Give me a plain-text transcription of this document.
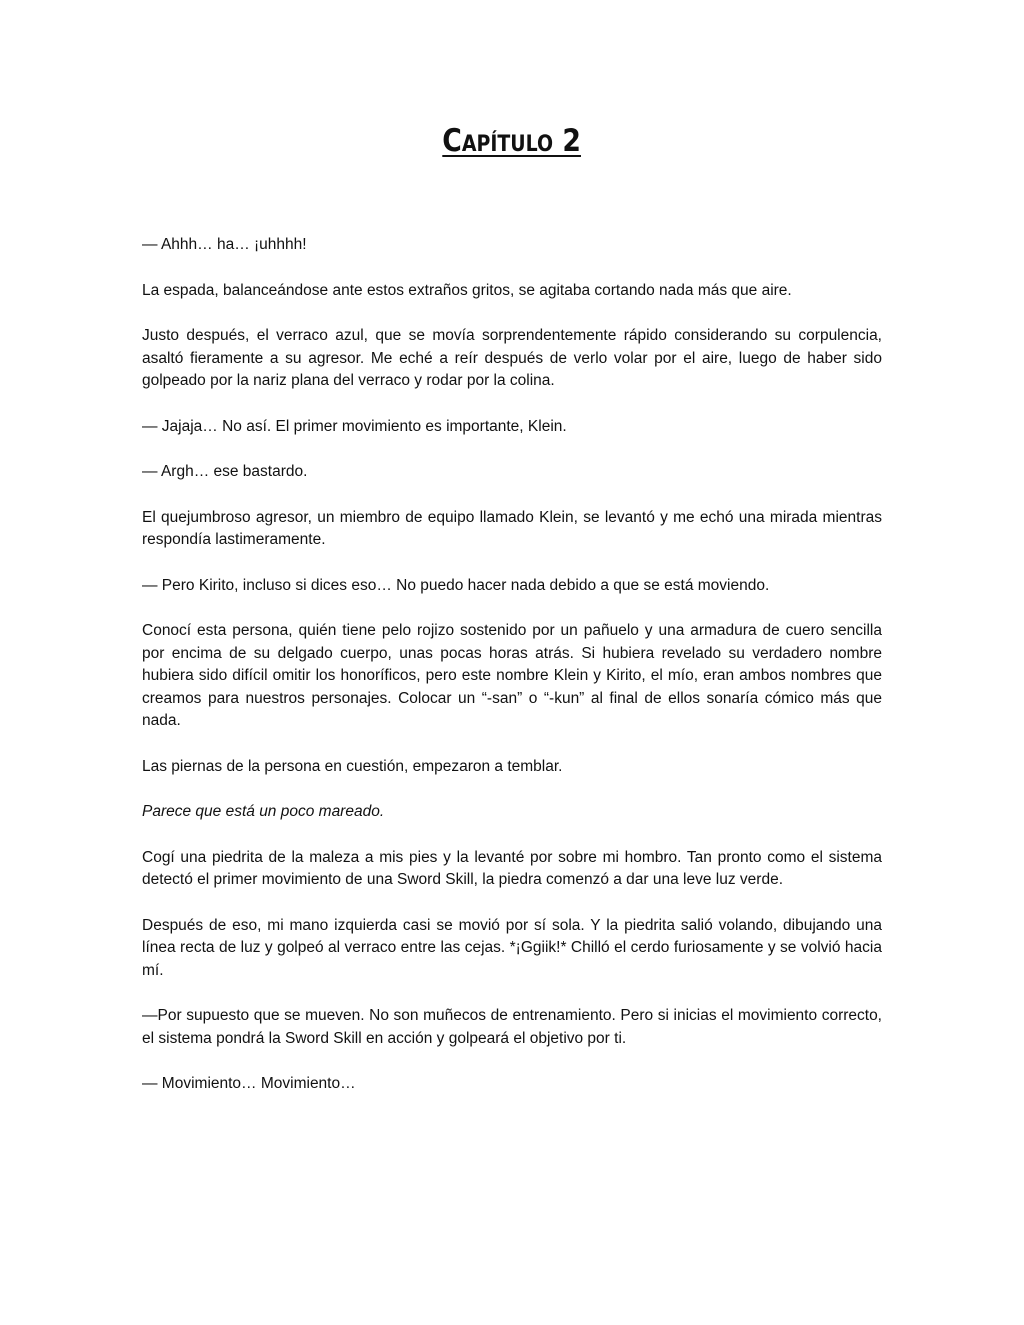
Capítulo 2

— Ahhh… ha… ¡uhhhh!

La espada, balanceándose ante estos extraños gritos, se agitaba cortando nada más que aire.

Justo después, el verraco azul, que se movía sorprendentemente rápido considerando su corpulencia, asaltó fieramente a su agresor. Me eché a reír después de verlo volar por el aire, luego de haber sido golpeado por la nariz plana del verraco y rodar por la colina.

— Jajaja… No así. El primer movimiento es importante, Klein.

— Argh… ese bastardo.

El quejumbroso agresor, un miembro de equipo llamado Klein, se levantó y me echó una mirada mientras respondía lastimeramente.

— Pero Kirito, incluso si dices eso… No puedo hacer nada debido a que se está moviendo.

Conocí esta persona, quién tiene pelo rojizo sostenido por un pañuelo y una armadura de cuero sencilla por encima de su delgado cuerpo, unas pocas horas atrás. Si hubiera revelado su verdadero nombre hubiera sido difícil omitir los honoríficos, pero este nombre Klein y Kirito, el mío, eran ambos nombres que creamos para nuestros personajes. Colocar un “-san” o “-kun” al final de ellos sonaría cómico más que nada.

Las piernas de la persona en cuestión, empezaron a temblar.

Parece que está un poco mareado.

Cogí una piedrita de la maleza a mis pies y la levanté por sobre mi hombro. Tan pronto como el sistema detectó el primer movimiento de una Sword Skill, la piedra comenzó a dar una leve luz verde.

Después de eso, mi mano izquierda casi se movió por sí sola. Y la piedrita salió volando, dibujando una línea recta de luz y golpeó al verraco entre las cejas. *¡Ggiik!* Chilló el cerdo furiosamente y se volvió hacia mí.

—Por supuesto que se mueven. No son muñecos de entrenamiento. Pero si inicias el movimiento correcto, el sistema pondrá la Sword Skill en acción y golpeará el objetivo por ti.

— Movimiento… Movimiento…
